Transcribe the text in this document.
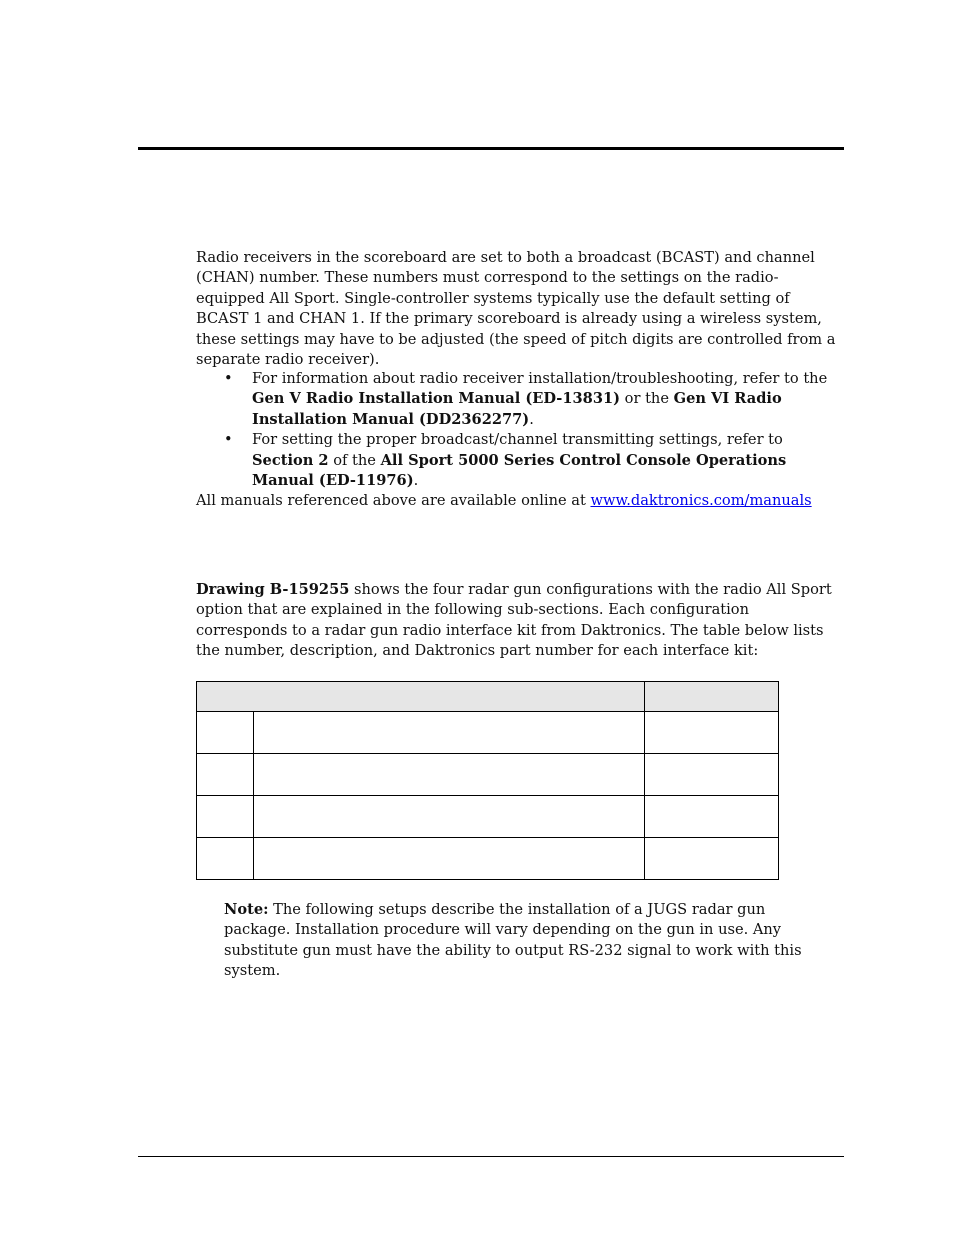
Radio receivers in the scoreboard are set to both a broadcast (BCAST) and channel (CHAN) number. These numbers must correspond to the settings on the radio-equipped All Sport. Single-controller systems typically use the default setting of BCAST 1 and CHAN 1. If the primary scoreboard is already using a wireless system, these settings may have to be adjusted (the speed of pitch digits are controlled from a separate radio receiver).
• For information about radio receiver installation/troubleshooting, refer to the Gen V Radio Installation Manual (ED-13831) or the Gen VI Radio Installation Manual (DD2362277).
• For setting the proper broadcast/channel transmitting settings, refer to Section 2 of the All Sport 5000 Series Control Console Operations Manual (ED-11976).
All manuals referenced above are available online at www.daktronics.com/manuals
Drawing B-159255 shows the four radar gun configurations with the radio All Sport option that are explained in the following sub-sections. Each configuration corresponds to a radar gun radio interface kit from Daktronics. The table below lists the number, description, and Daktronics part number for each interface kit:

Note: The following setups describe the installation of a JUGS radar gun package. Installation procedure will vary depending on the gun in use. Any substitute gun must have the ability to output RS-232 signal to work with this system.
